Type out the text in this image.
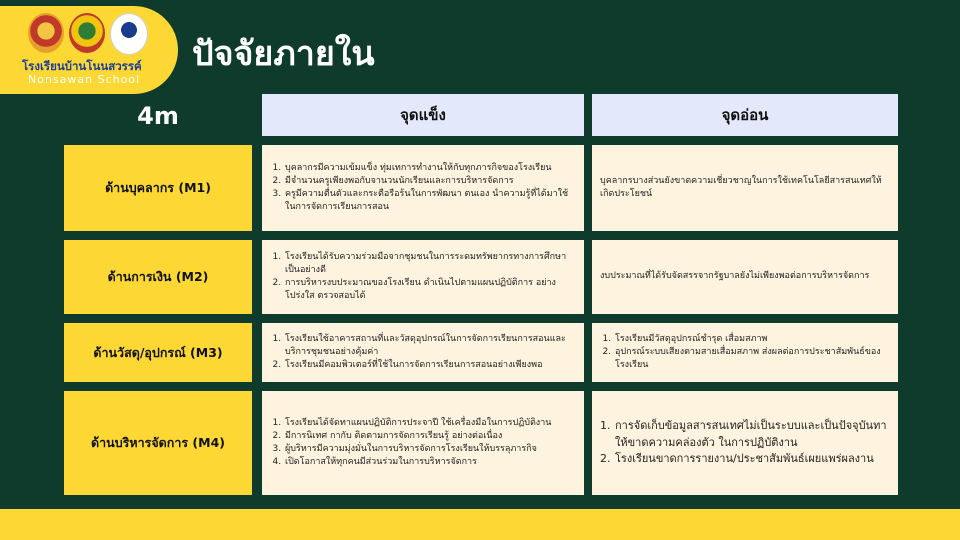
โรงเรียนบ้านโนนสวรรค์
Nonsawan School
ปัจจัยภายใน
4m	จุดแข็ง	จุดอ่อน
ด้านบุคลากร (M1)
1. บุคลากรมีความเข้มแข็ง ทุ่มเทการทำงานให้กับทุกภารกิจของโรงเรียน
2. มีจำนวนครูเพียงพอกับจานวนนักเรียนและการบริหารจัดการ
3. ครูมีความตื่นตัวและกระตือรือร้นในการพัฒนา ตนเอง นำความรู้ที่ได้มาใช้ในการจัดการเรียนการสอน

บุคลากรบางส่วนยังขาดความเชี่ยวชาญในการใช้เทคโนโลยีสารสนเทศให้เกิดประโยชน์

ด้านการเงิน (M2)
1. โรงเรียนได้รับความร่วมมือจากชุมชนในการระดมทรัพยากรทางการศึกษาเป็นอย่างดี
2. การบริหารงบประมาณของโรงเรียน ดำเนินไปตามแผนปฏิบัติการ อย่างโปร่งใส ตรวจสอบได้

งบประมาณที่ได้รับจัดสรรจากรัฐบาลยังไม่เพียงพอต่อการบริหารจัดการ

ด้านวัสดุ/อุปกรณ์ (M3)
1. โรงเรียนใช้อาคารสถานที่และวัสดุอุปกรณ์ในการจัดการเรียนการสอนและบริการชุมชนอย่างคุ้มค่า
2. โรงเรียนมีคอมพิวเตอร์ที่ใช้ในการจัดการเรียนการสอนอย่างเพียงพอ
1. โรงเรียนมีวัสดุอุปกรณ์ชำรุด เสื่อมสภาพ
2. อุปกรณ์ระบบเสียงตามสายเสื่อมสภาพ ส่งผลต่อการประชาสัมพันธ์ของโรงเรียน
ด้านบริหารจัดการ (M4)
1. โรงเรียนได้จัดทาแผนปฏิบัติการประจาปี ใช้เครื่องมือในการปฏิบัติงาน
2. มีการนิเทศ กากับ ติดตามการจัดการเรียนรู้ อย่างต่อเนื่อง
3. ผู้บริหารมีความมุ่งมั่นในการบริหารจัดการโรงเรียนให้บรรลุภารกิจ
4. เปิดโอกาสให้ทุกคนมีส่วนร่วมในการบริหารจัดการ
1. การจัดเก็บข้อมูลสารสนเทศไม่เป็นระบบและเป็นปัจจุบันทาให้ขาดความคล่องตัว ในการปฏิบัติงาน
2. โรงเรียนขาดการรายงาน/ประชาสัมพันธ์เผยแพร่ผลงาน
